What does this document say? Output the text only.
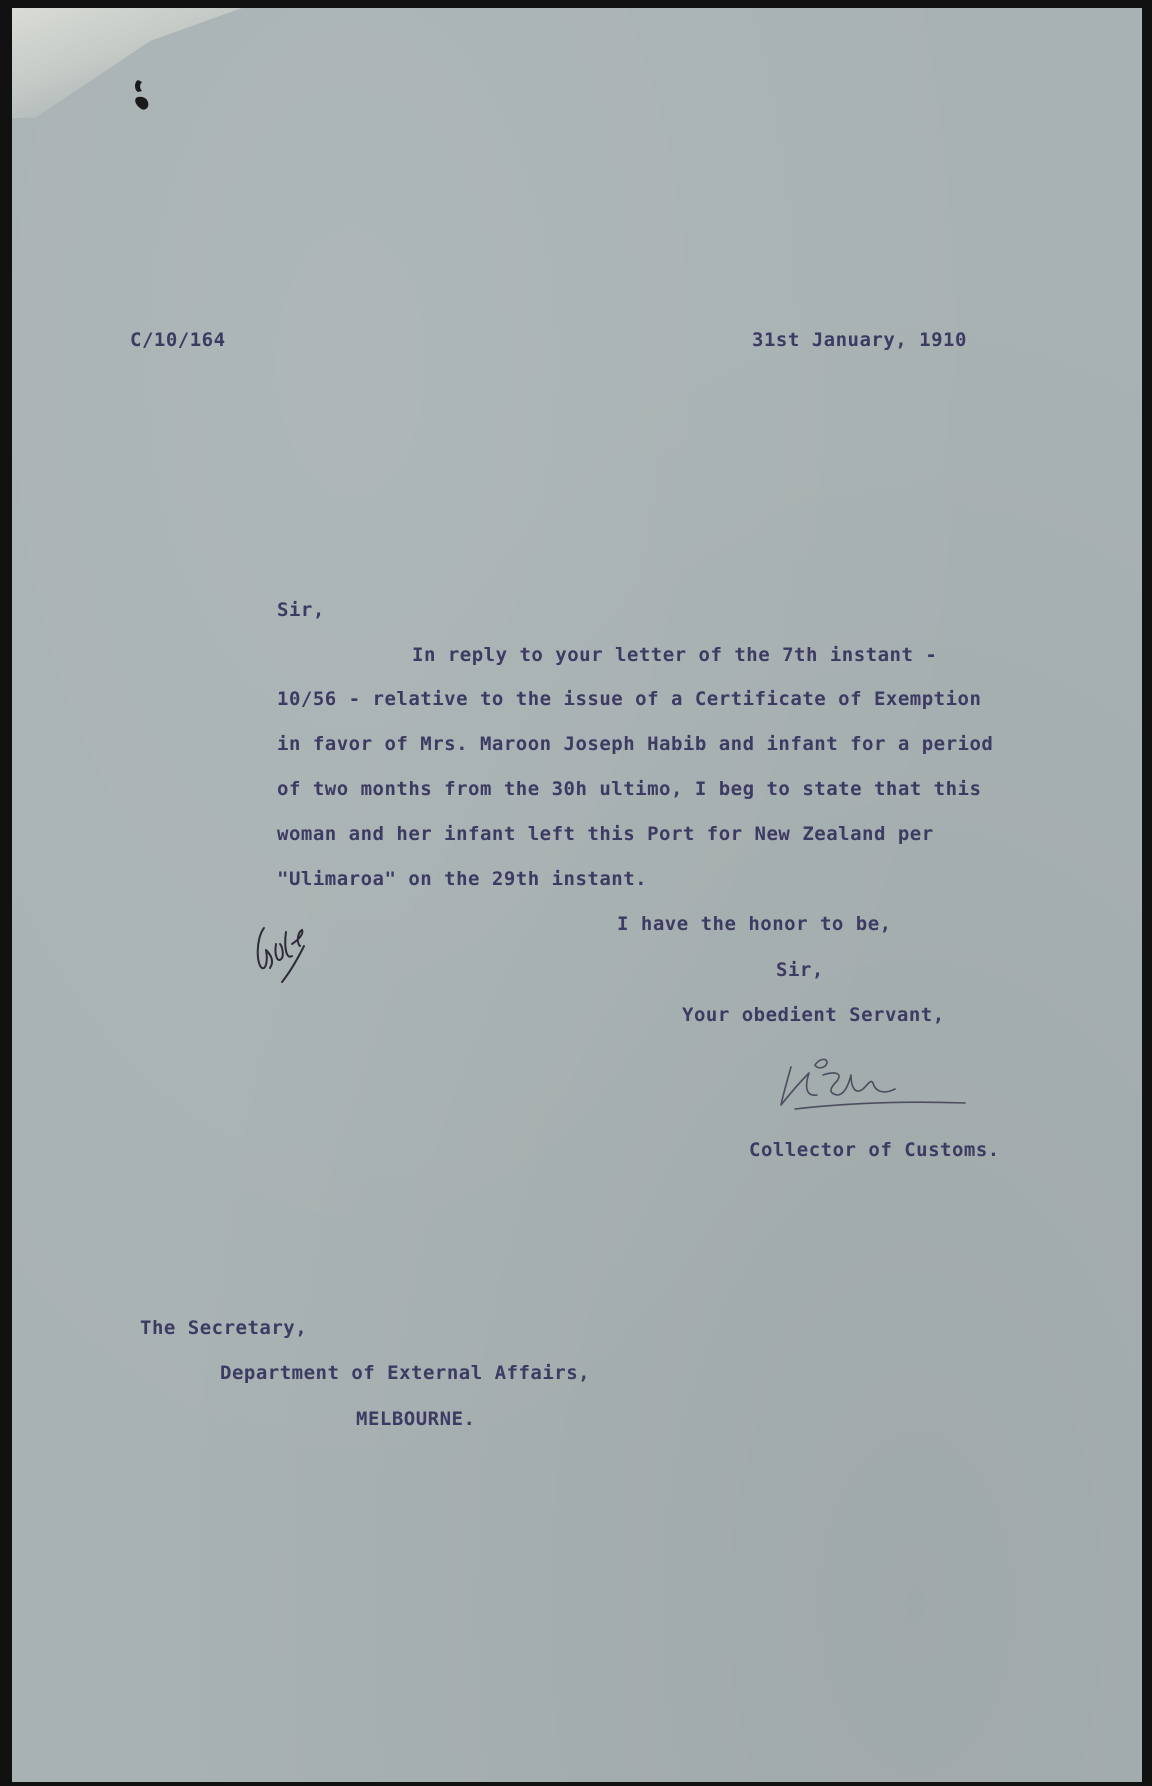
C/10/164	31st January, 1910
Sir,
In reply to your letter of the 7th instant -
10/56 - relative to the issue of a Certificate of Exemption
in favor of Mrs. Maroon Joseph Habib and infant for a period
of two months from the 30h ultimo, I beg to state that this
woman and her infant left this Port for New Zealand per
"Ulimaroa" on the 29th instant.
I have the honor to be,
Sir,
Your obedient Servant,
Collector of Customs.
The Secretary,
Department of External Affairs,
MELBOURNE.
